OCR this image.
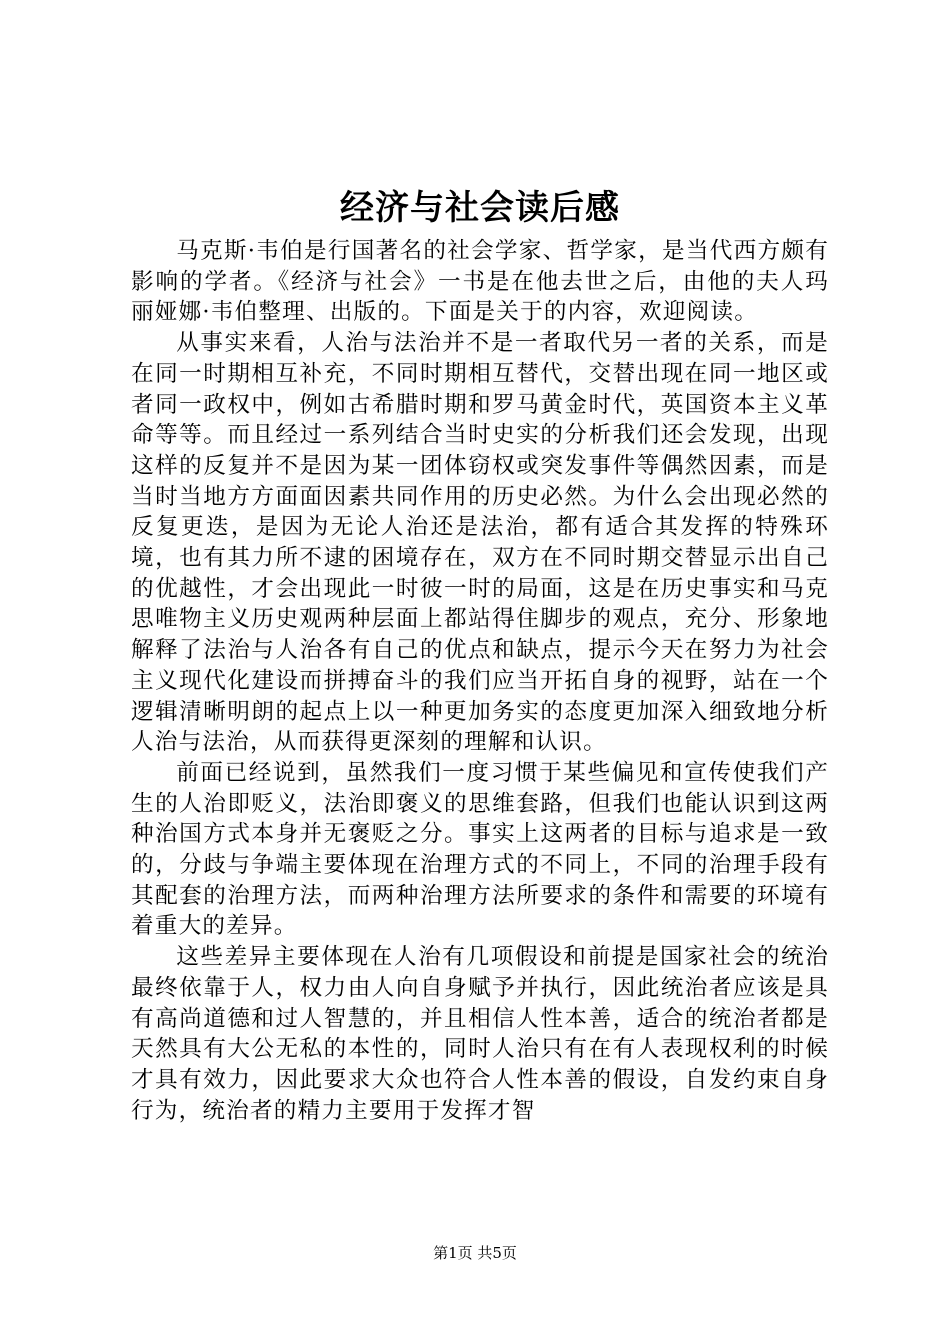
经济与社会读后感

马克斯·韦伯是行国著名的社会学家、哲学家，是当代西方颇有影响的学者。《经济与社会》一书是在他去世之后，由他的夫人玛丽娅娜·韦伯整理、出版的。下面是关于的内容，欢迎阅读。

从事实来看，人治与法治并不是一者取代另一者的关系，而是在同一时期相互补充，不同时期相互替代，交替出现在同一地区或者同一政权中，例如古希腊时期和罗马黄金时代，英国资本主义革命等等。而且经过一系列结合当时史实的分析我们还会发现，出现这样的反复并不是因为某一团体窃权或突发事件等偶然因素，而是当时当地方方面面因素共同作用的历史必然。为什么会出现必然的反复更迭，是因为无论人治还是法治，都有适合其发挥的特殊环境，也有其力所不逮的困境存在，双方在不同时期交替显示出自己的优越性，才会出现此一时彼一时的局面，这是在历史事实和马克思唯物主义历史观两种层面上都站得住脚步的观点，充分、形象地解释了法治与人治各有自己的优点和缺点，提示今天在努力为社会主义现代化建设而拼搏奋斗的我们应当开拓自身的视野，站在一个逻辑清晰明朗的起点上以一种更加务实的态度更加深入细致地分析人治与法治，从而获得更深刻的理解和认识。

前面已经说到，虽然我们一度习惯于某些偏见和宣传使我们产生的人治即贬义，法治即褒义的思维套路，但我们也能认识到这两种治国方式本身并无褒贬之分。事实上这两者的目标与追求是一致的，分歧与争端主要体现在治理方式的不同上，不同的治理手段有其配套的治理方法，而两种治理方法所要求的条件和需要的环境有着重大的差异。

这些差异主要体现在人治有几项假设和前提是国家社会的统治最终依靠于人，权力由人向自身赋予并执行，因此统治者应该是具有高尚道德和过人智慧的，并且相信人性本善，适合的统治者都是天然具有大公无私的本性的，同时人治只有在有人表现权利的时候才具有效力，因此要求大众也符合人性本善的假设，自发约束自身行为，统治者的精力主要用于发挥才智

第1页 共5页
